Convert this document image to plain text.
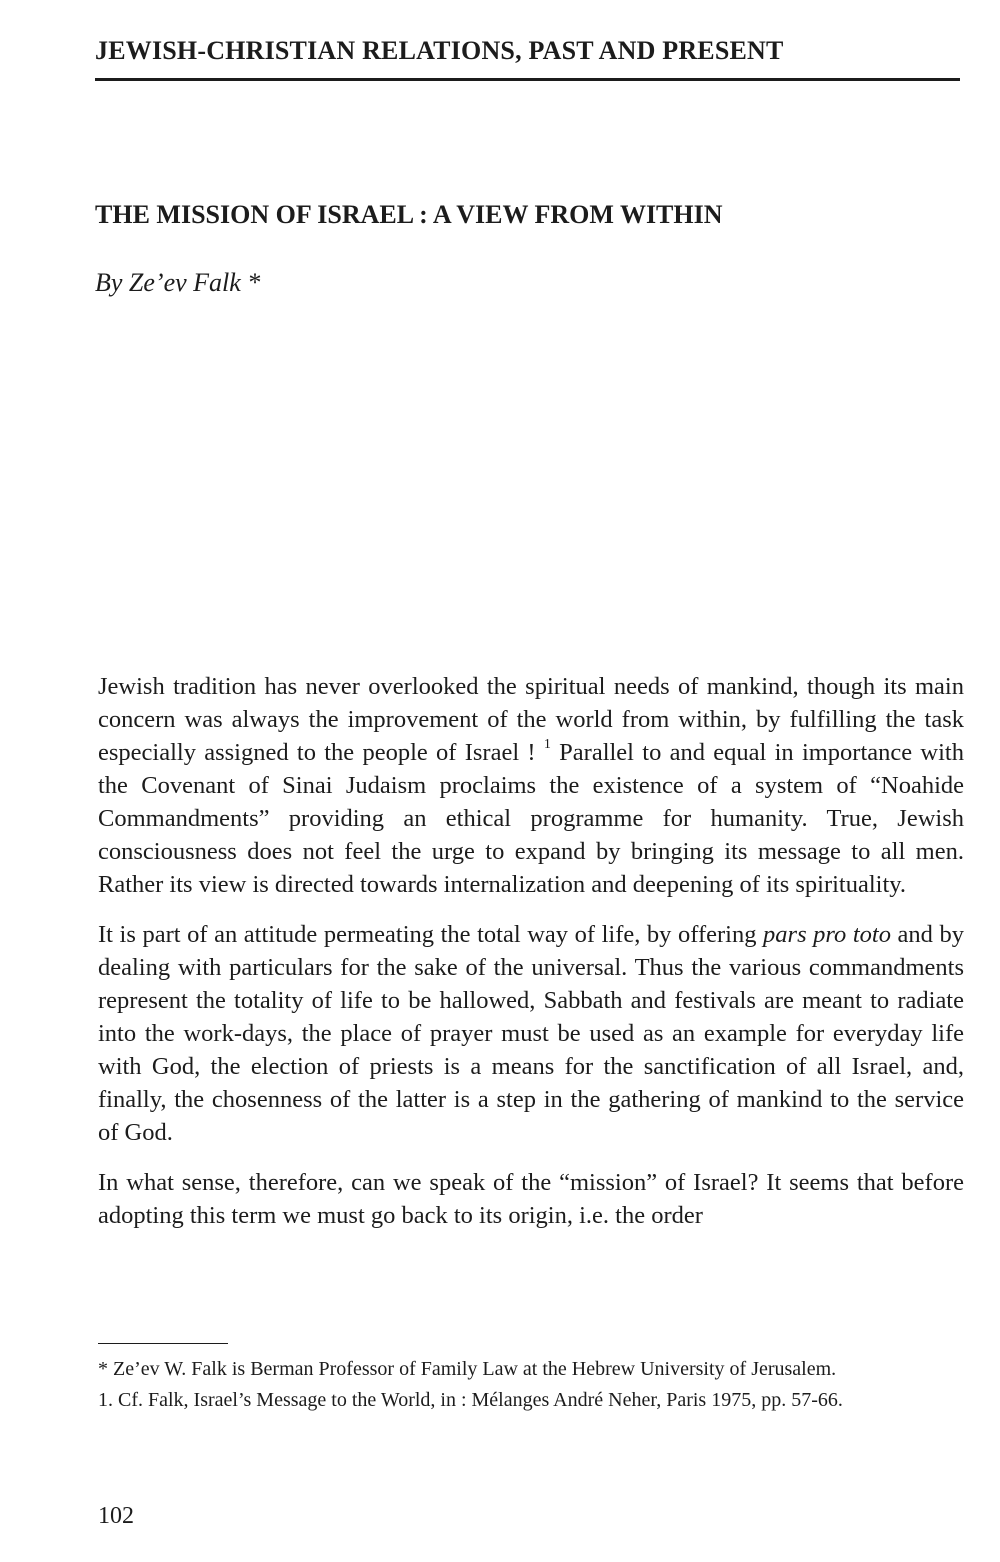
JEWISH-CHRISTIAN RELATIONS, PAST AND PRESENT
THE MISSION OF ISRAEL : A VIEW FROM WITHIN

By Ze’ev Falk *

Jewish tradition has never overlooked the spiritual needs of mankind, though its main concern was always the improvement of the world from within, by fulfilling the task especially assigned to the people of Israel ! $^1$ Parallel to and equal in importance with the Covenant of Sinai Judaism proclaims the existence of a system of “Noahide Commandments” providing an ethical programme for humanity. True, Jewish consciousness does not feel the urge to expand by bringing its message to all men. Rather its view is directed towards internalization and deepening of its spirituality.

It is part of an attitude permeating the total way of life, by offering pars pro toto and by dealing with particulars for the sake of the universal. Thus the various commandments represent the totality of life to be hallowed, Sabbath and festivals are meant to radiate into the work-days, the place of prayer must be used as an example for everyday life with God, the election of priests is a means for the sanctification of all Israel, and, finally, the chosenness of the latter is a step in the gathering of mankind to the service of God.

In what sense, therefore, can we speak of the “mission” of Israel? It seems that before adopting this term we must go back to its origin, i.e. the order

* Ze’ev W. Falk is Berman Professor of Family Law at the Hebrew University of Jerusalem.

1. Cf. Falk, Israel’s Message to the World, in : Mélanges André Neher, Paris 1975, pp. 57-66.

102
